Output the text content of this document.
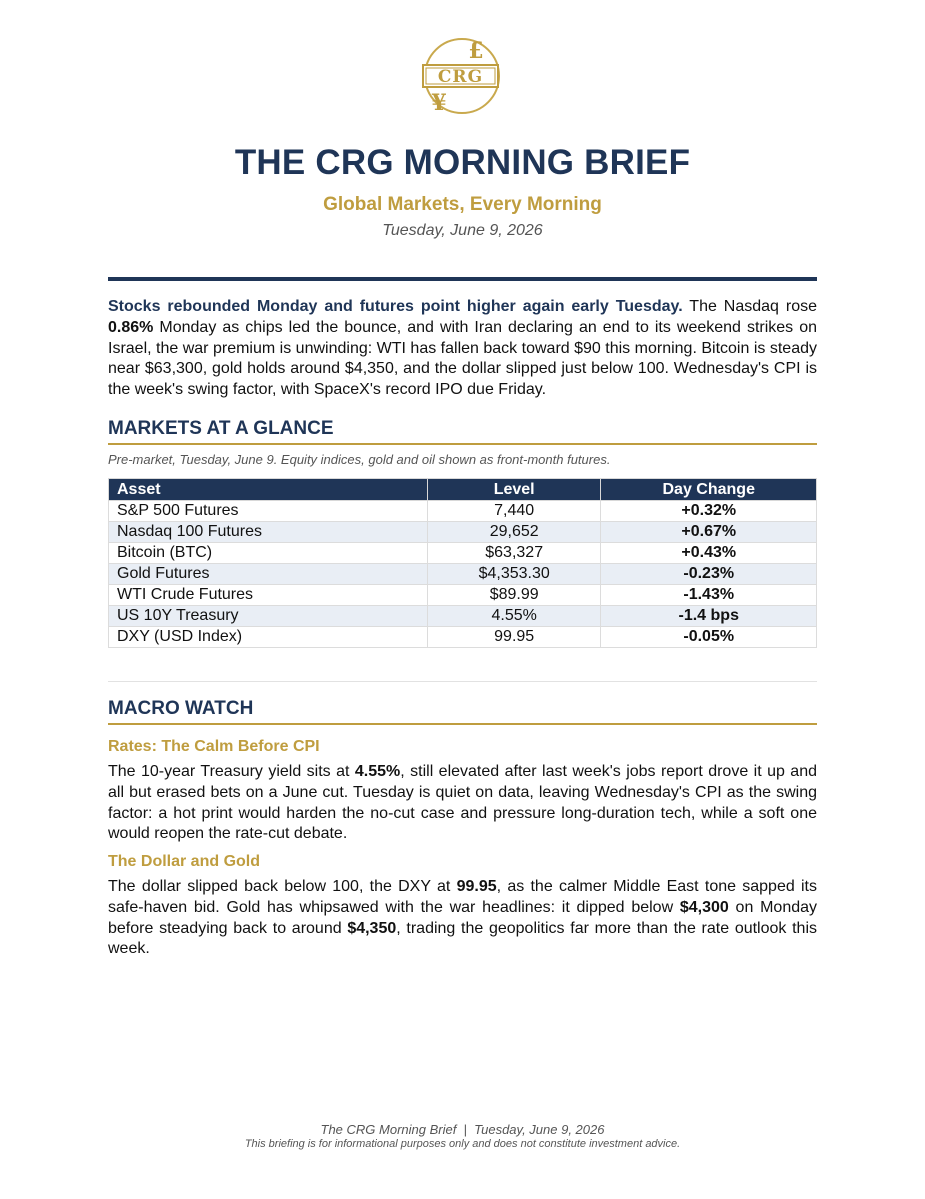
£
CRG
¥
THE CRG MORNING BRIEF
Global Markets, Every Morning
Tuesday, June 9, 2026

Stocks rebounded Monday and futures point higher again early Tuesday. The Nasdaq rose 0.86% Monday as chips led the bounce, and with Iran declaring an end to its weekend strikes on Israel, the war premium is unwinding: WTI has fallen back toward $90 this morning. Bitcoin is steady near $63,300, gold holds around $4,350, and the dollar slipped just below 100. Wednesday's CPI is the week's swing factor, with SpaceX's record IPO due Friday.

MARKETS AT A GLANCE
Pre-market, Tuesday, June 9. Equity indices, gold and oil shown as front-month futures.
Asset	Level	Day Change
S&P 500 Futures	7,440	+0.32%
Nasdaq 100 Futures	29,652	+0.67%
Bitcoin (BTC)	$63,327	+0.43%
Gold Futures	$4,353.30	-0.23%
WTI Crude Futures	$89.99	-1.43%
US 10Y Treasury	4.55%	-1.4 bps
DXY (USD Index)	99.95	-0.05%
MACRO WATCH
Rates: The Calm Before CPI

The 10-year Treasury yield sits at 4.55%, still elevated after last week's jobs report drove it up and all but erased bets on a June cut. Tuesday is quiet on data, leaving Wednesday's CPI as the swing factor: a hot print would harden the no-cut case and pressure long-duration tech, while a soft one would reopen the rate-cut debate.

The Dollar and Gold

The dollar slipped back below 100, the DXY at 99.95, as the calmer Middle East tone sapped its safe-haven bid. Gold has whipsawed with the war headlines: it dipped below $4,300 on Monday before steadying back to around $4,350, trading the geopolitics far more than the rate outlook this week.

The CRG Morning Brief  |  Tuesday, June 9, 2026
This briefing is for informational purposes only and does not constitute investment advice.
